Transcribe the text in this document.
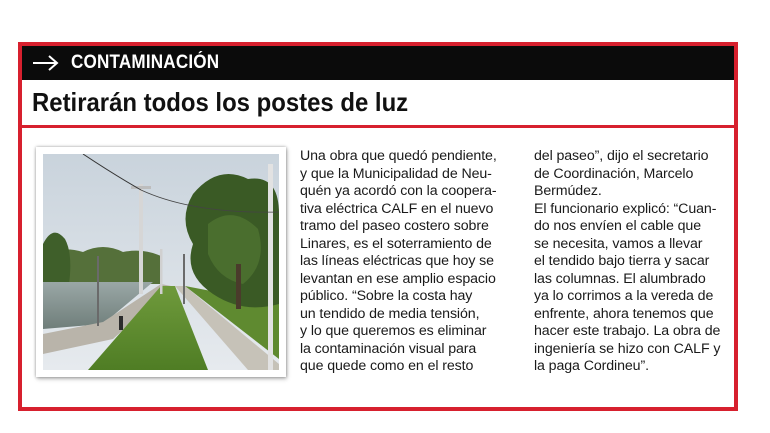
CONTAMINACIÓN
Retirarán todos los postes de luz
Una obra que quedó pendiente,
y que la Municipalidad de Neu-
quén ya acordó con la coopera-
tiva eléctrica CALF en el nuevo
tramo del paseo costero sobre
Linares, es el soterramiento de
las líneas eléctricas que hoy se
levantan en ese amplio espacio
público. “Sobre la costa hay
un tendido de media tensión,
y lo que queremos es eliminar
la contaminación visual para
que quede como en el resto
del paseo”, dijo el secretario
de Coordinación, Marcelo
Bermúdez.
El funcionario explicó: “Cuan-
do nos envíen el cable que
se necesita, vamos a llevar
el tendido bajo tierra y sacar
las columnas. El alumbrado
ya lo corrimos a la vereda de
enfrente, ahora tenemos que
hacer este trabajo. La obra de
ingeniería se hizo con CALF y
la paga Cordineu”.
